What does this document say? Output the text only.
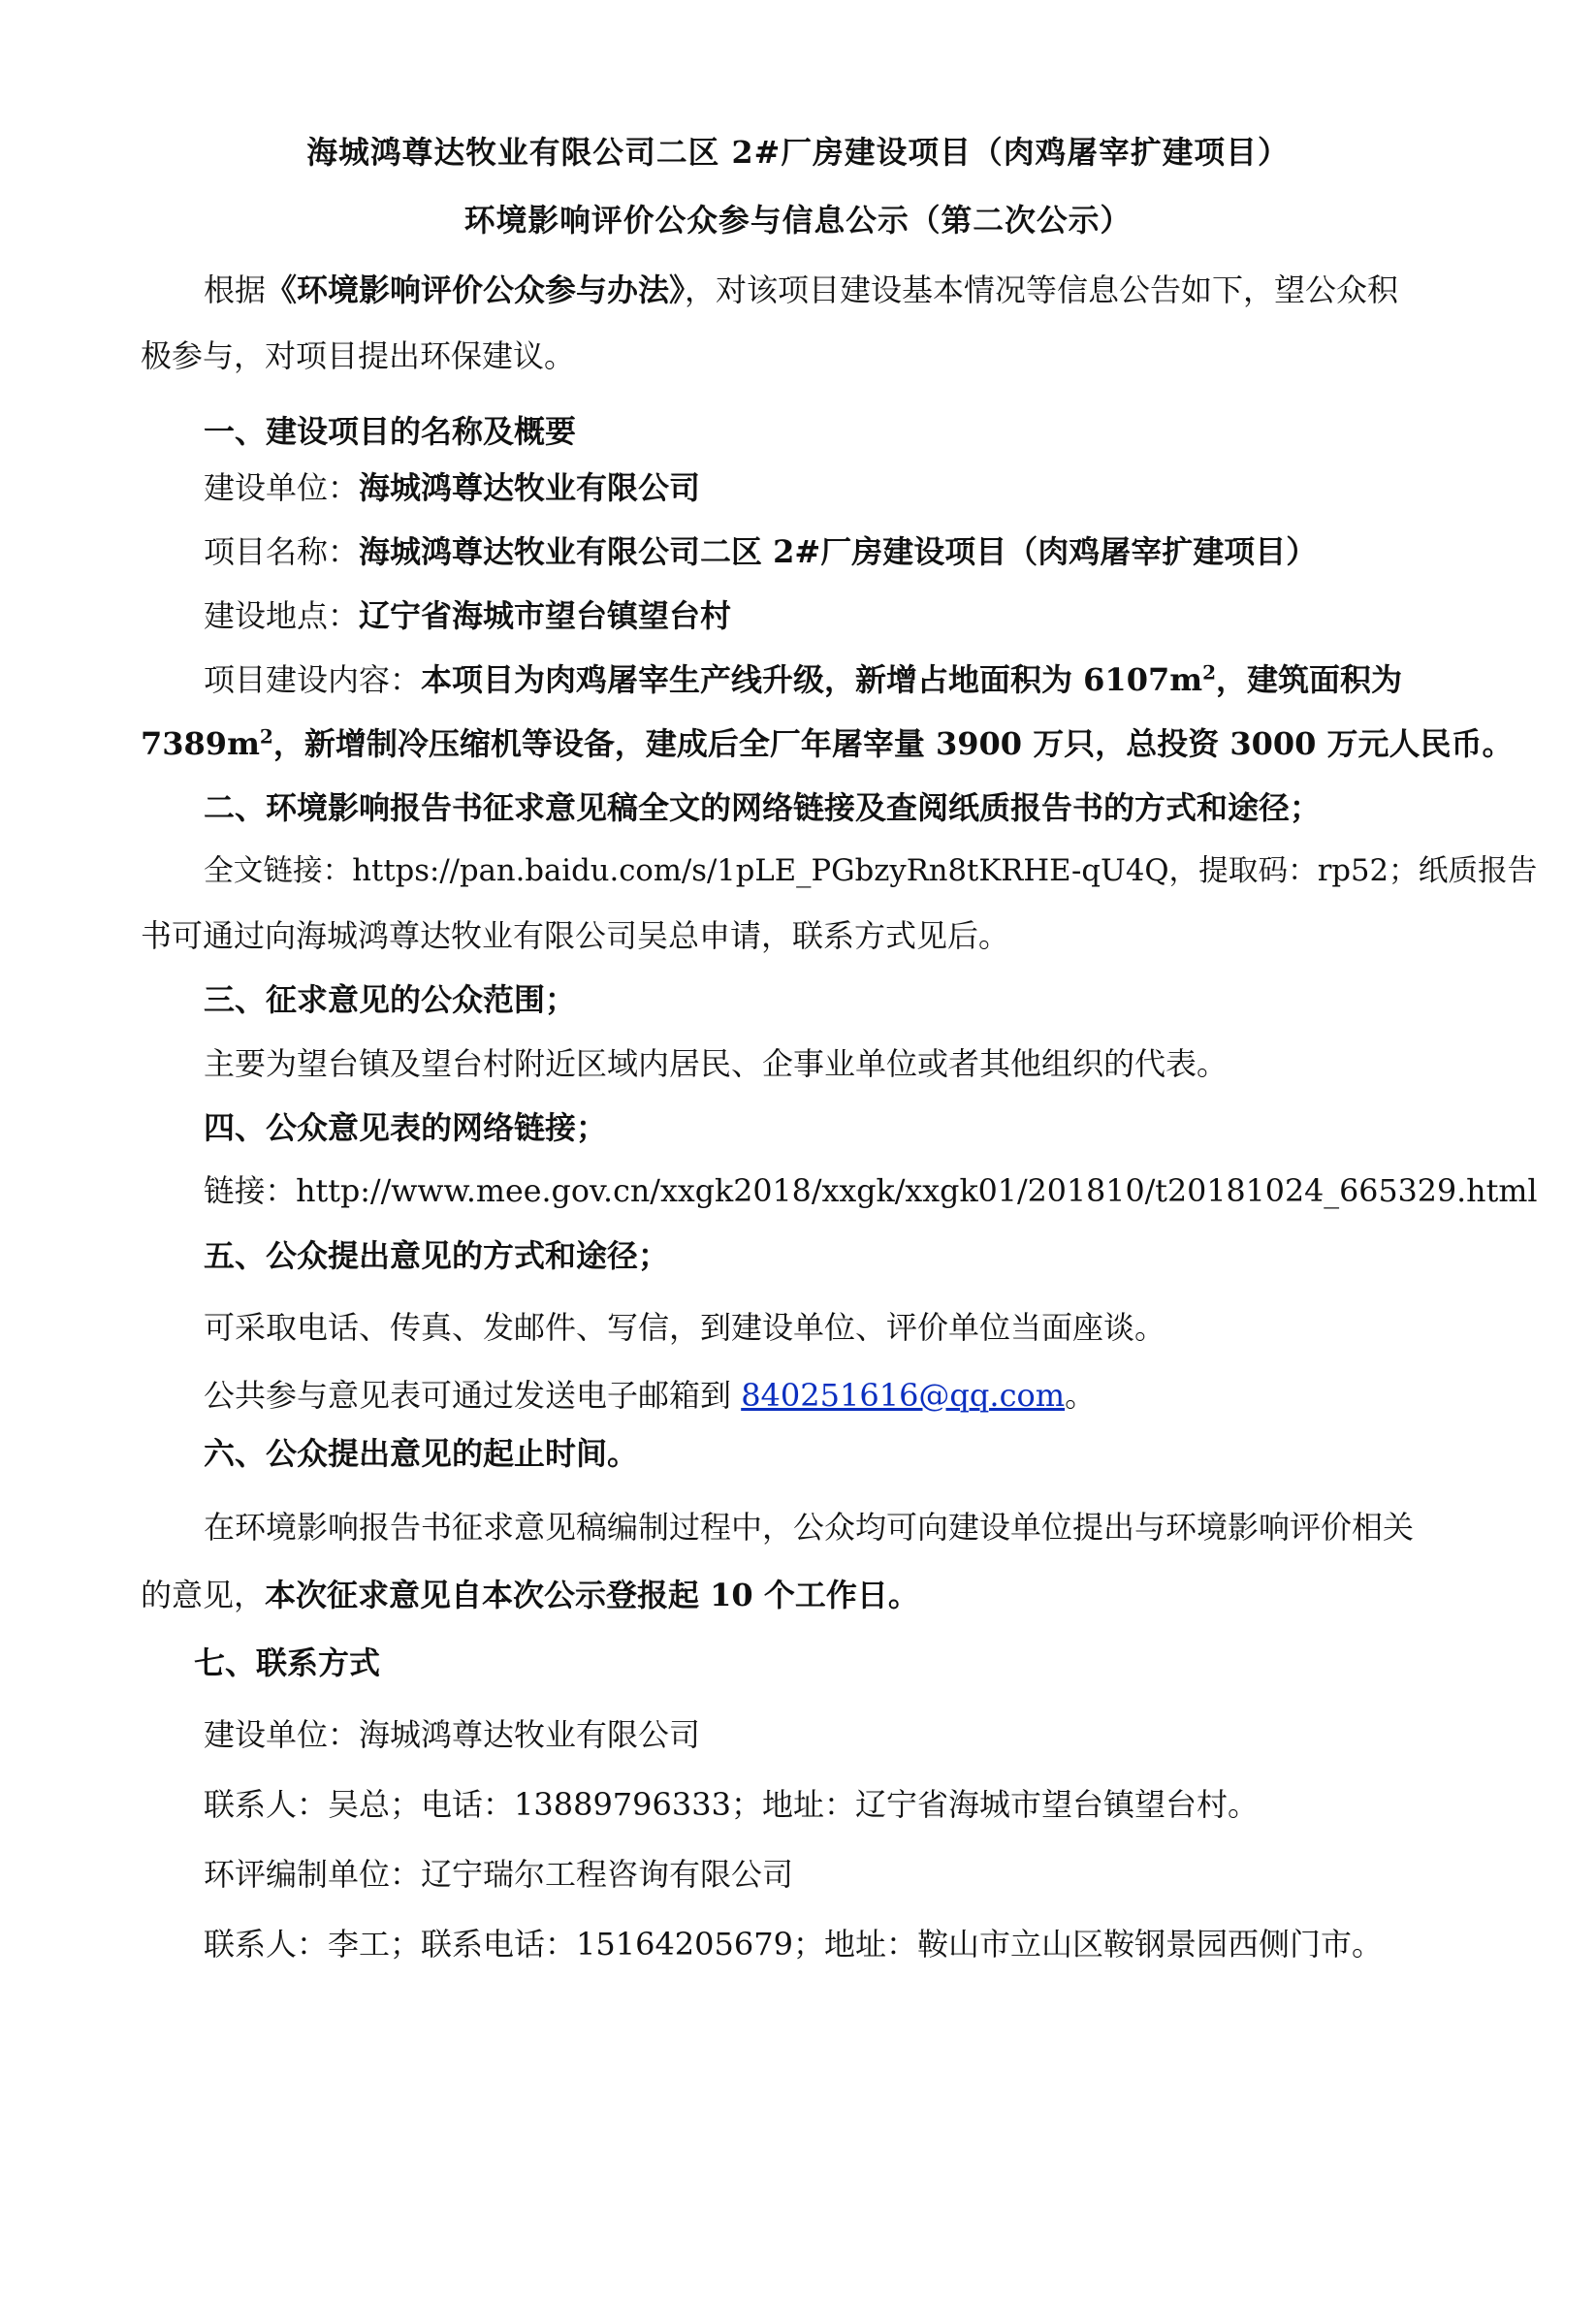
海城鸿尊达牧业有限公司二区 2#厂房建设项目（肉鸡屠宰扩建项目）
环境影响评价公众参与信息公示（第二次公示）
根据《环境影响评价公众参与办法》，对该项目建设基本情况等信息公告如下，望公众积
极参与，对项目提出环保建议。
一、建设项目的名称及概要
建设单位：海城鸿尊达牧业有限公司
项目名称：海城鸿尊达牧业有限公司二区 2#厂房建设项目（肉鸡屠宰扩建项目）
建设地点：辽宁省海城市望台镇望台村
项目建设内容：本项目为肉鸡屠宰生产线升级，新增占地面积为 $6107m^2$，建筑面积为
$7389m^2$，新增制冷压缩机等设备，建成后全厂年屠宰量 3900 万只，总投资 3000 万元人民币。
二、环境影响报告书征求意见稿全文的网络链接及查阅纸质报告书的方式和途径；
全文链接：https://pan.baidu.com/s/1pLE_PGbzyRn8tKRHE-qU4Q，提取码：rp52；纸质报告
书可通过向海城鸿尊达牧业有限公司吴总申请，联系方式见后。
三、征求意见的公众范围；
主要为望台镇及望台村附近区域内居民、企事业单位或者其他组织的代表。
四、公众意见表的网络链接；
链接：http://www.mee.gov.cn/xxgk2018/xxgk/xxgk01/201810/t20181024_665329.html
五、公众提出意见的方式和途径；
可采取电话、传真、发邮件、写信，到建设单位、评价单位当面座谈。
公共参与意见表可通过发送电子邮箱到 840251616@qq.com。
六、公众提出意见的起止时间。
在环境影响报告书征求意见稿编制过程中，公众均可向建设单位提出与环境影响评价相关
的意见，本次征求意见自本次公示登报起 10 个工作日。
七、联系方式
建设单位：海城鸿尊达牧业有限公司
联系人：吴总；电话：13889796333；地址：辽宁省海城市望台镇望台村。
环评编制单位：辽宁瑞尔工程咨询有限公司
联系人：李工；联系电话：15164205679；地址：鞍山市立山区鞍钢景园西侧门市。
